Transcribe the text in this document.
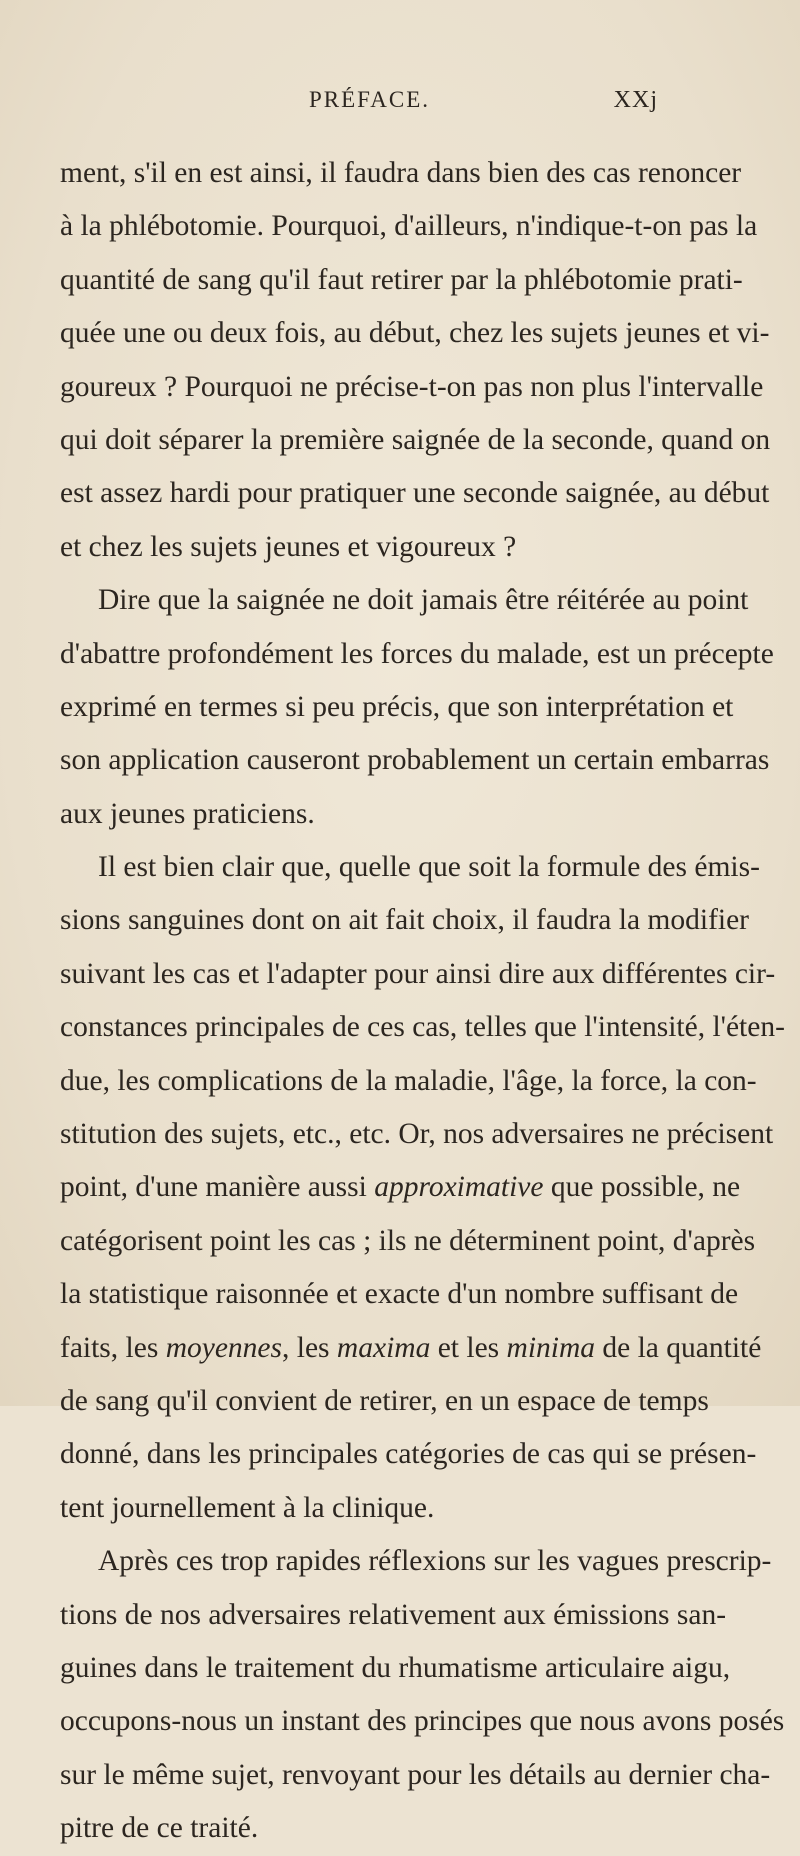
PRÉFACE.	XXj
ment, s'il en est ainsi, il faudra dans bien des cas renoncer
à la phlébotomie. Pourquoi, d'ailleurs, n'indique-t-on pas la
quantité de sang qu'il faut retirer par la phlébotomie prati-
quée une ou deux fois, au début, chez les sujets jeunes et vi-
goureux ? Pourquoi ne précise-t-on pas non plus l'intervalle
qui doit séparer la première saignée de la seconde, quand on
est assez hardi pour pratiquer une seconde saignée, au début
et chez les sujets jeunes et vigoureux ?
Dire que la saignée ne doit jamais être réitérée au point
d'abattre profondément les forces du malade, est un précepte
exprimé en termes si peu précis, que son interprétation et
son application causeront probablement un certain embarras
aux jeunes praticiens.
Il est bien clair que, quelle que soit la formule des émis-
sions sanguines dont on ait fait choix, il faudra la modifier
suivant les cas et l'adapter pour ainsi dire aux différentes cir-
constances principales de ces cas, telles que l'intensité, l'éten-
due, les complications de la maladie, l'âge, la force, la con-
stitution des sujets, etc., etc. Or, nos adversaires ne précisent
point, d'une manière aussi approximative que possible, ne
catégorisent point les cas ; ils ne déterminent point, d'après
la statistique raisonnée et exacte d'un nombre suffisant de
faits, les moyennes, les maxima et les minima de la quantité
de sang qu'il convient de retirer, en un espace de temps
donné, dans les principales catégories de cas qui se présen-
tent journellement à la clinique.
Après ces trop rapides réflexions sur les vagues prescrip-
tions de nos adversaires relativement aux émissions san-
guines dans le traitement du rhumatisme articulaire aigu,
occupons-nous un instant des principes que nous avons posés
sur le même sujet, renvoyant pour les détails au dernier cha-
pitre de ce traité.
